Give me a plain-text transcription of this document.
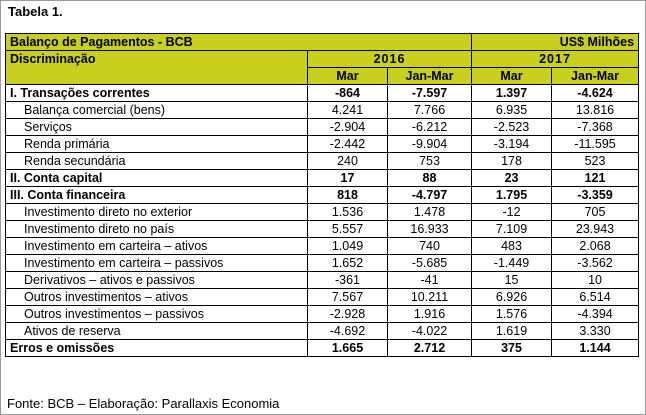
Tabela 1.
Balanço de Pagamentos - BCB			US$ Milhões	
Discriminação	2016		2017	
	Mar	Jan-Mar	Mar	Jan-Mar
I. Transações correntes	-864	-7.597	1.397	-4.624
Balança comercial (bens)	4.241	7.766	6.935	13.816
Serviços	-2.904	-6.212	-2.523	-7.368
Renda primária	-2.442	-9.904	-3.194	-11.595
Renda secundária	240	753	178	523
II. Conta capital	17	88	23	121
III. Conta financeira	818	-4.797	1.795	-3.359
Investimento direto no exterior	1.536	1.478	-12	705
Investimento direto no país	5.557	16.933	7.109	23.943
Investimento em carteira – ativos	1.049	740	483	2.068
Investimento em carteira – passivos	1.652	-5.685	-1.449	-3.562
Derivativos – ativos e passivos	-361	-41	15	10
Outros investimentos – ativos	7.567	10.211	6.926	6.514
Outros investimentos – passivos	-2.928	1.916	1.576	-4.394
Ativos de reserva	-4.692	-4.022	1.619	3.330
Erros e omissões	1.665	2.712	375	1.144
Fonte: BCB – Elaboração: Parallaxis Economia
